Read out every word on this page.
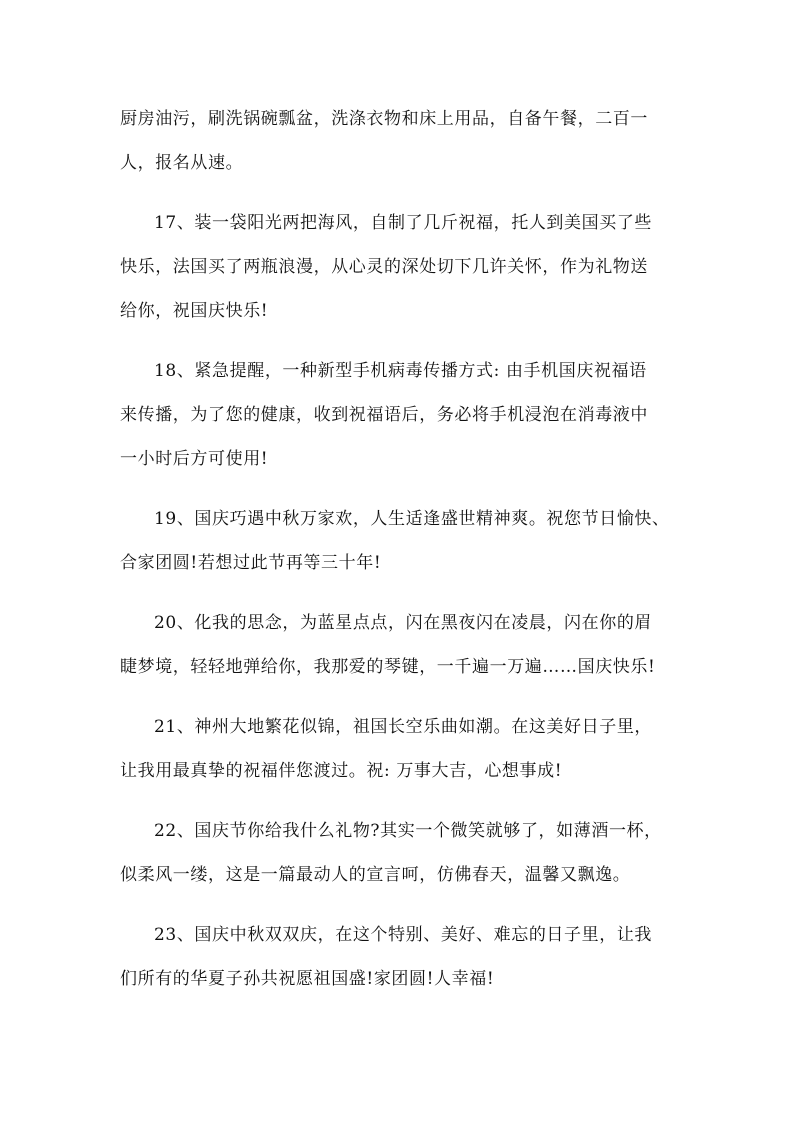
厨房油污，刷洗锅碗瓢盆，洗涤衣物和床上用品，自备午餐，二百一
人，报名从速。

17、装一袋阳光两把海风，自制了几斤祝福，托人到美国买了些
快乐，法国买了两瓶浪漫，从心灵的深处切下几许关怀，作为礼物送
给你，祝国庆快乐!

18、紧急提醒，一种新型手机病毒传播方式: 由手机国庆祝福语
来传播，为了您的健康，收到祝福语后，务必将手机浸泡在消毒液中
一小时后方可使用!

19、国庆巧遇中秋万家欢，人生适逢盛世精神爽。祝您节日愉快、
合家团圆!若想过此节再等三十年!

20、化我的思念，为蓝星点点，闪在黑夜闪在凌晨，闪在你的眉
睫梦境，轻轻地弹给你，我那爱的琴键，一千遍一万遍……国庆快乐!

21、神州大地繁花似锦，祖国长空乐曲如潮。在这美好日子里，
让我用最真挚的祝福伴您渡过。祝: 万事大吉，心想事成!

22、国庆节你给我什么礼物?其实一个微笑就够了，如薄酒一杯，
似柔风一缕，这是一篇最动人的宣言呵，仿佛春天，温馨又飘逸。

23、国庆中秋双双庆，在这个特别、美好、难忘的日子里，让我
们所有的华夏子孙共祝愿祖国盛!家团圆!人幸福!
